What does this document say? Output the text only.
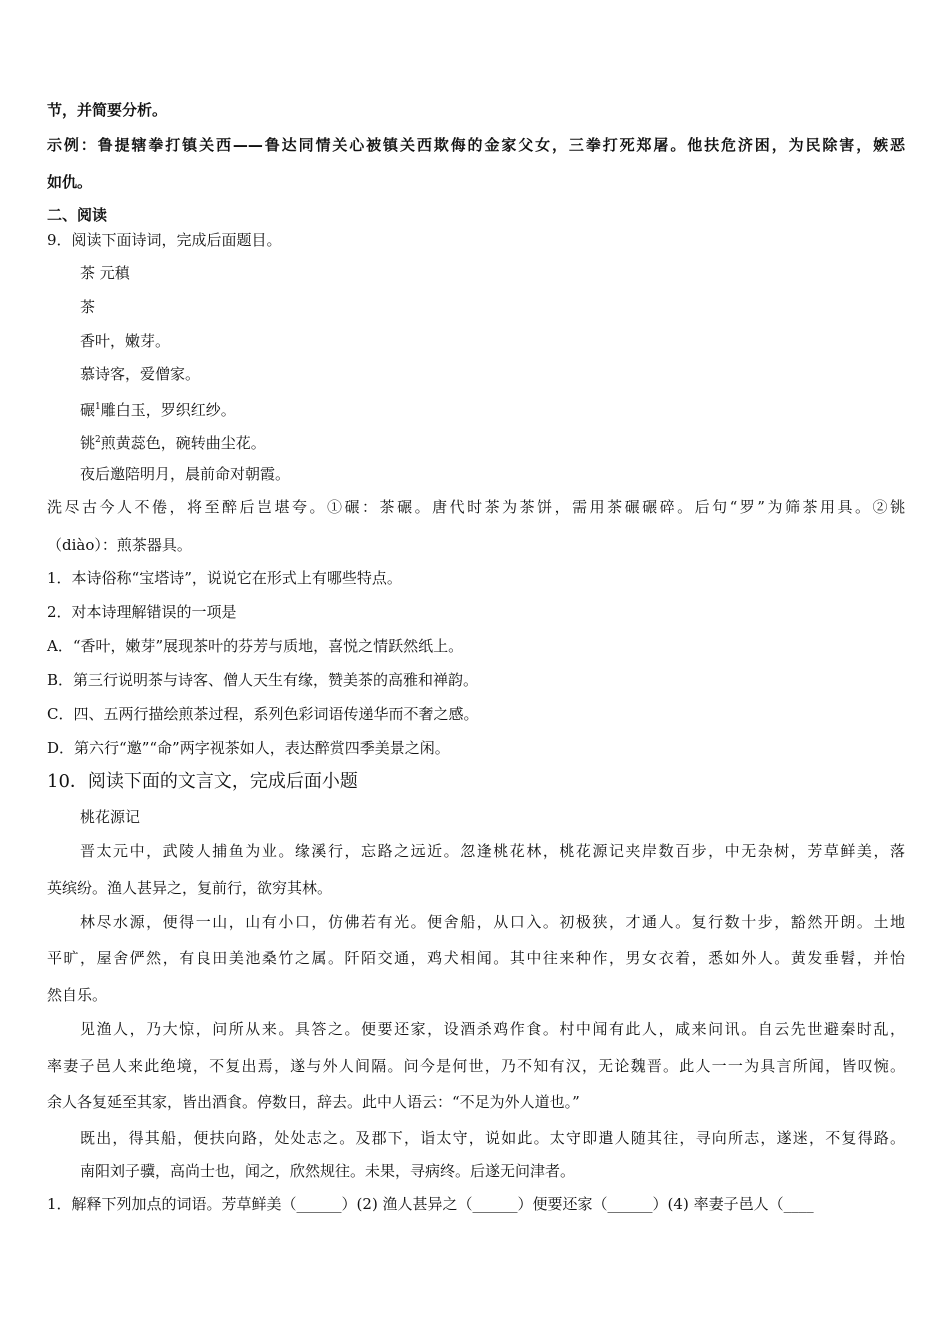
节，并简要分析。
示例：鲁提辖拳打镇关西——鲁达同情关心被镇关西欺侮的金家父女，三拳打死郑屠。他扶危济困，为民除害，嫉恶
如仇。
二、阅读
9．阅读下面诗词，完成后面题目。
茶 元稹
茶
香叶，嫩芽。
慕诗客，爱僧家。
碾$^1$雕白玉，罗织红纱。
铫$^2$煎黄蕊色，碗转曲尘花。
夜后邀陪明月，晨前命对朝霞。
洗尽古今人不倦，将至醉后岂堪夸。①碾：茶碾。唐代时茶为茶饼，需用茶碾碾碎。后句“罗”为筛茶用具。②铫
（diào）：煎茶器具。
1．本诗俗称“宝塔诗”，说说它在形式上有哪些特点。
2．对本诗理解错误的一项是
A．“香叶，嫩芽”展现茶叶的芬芳与质地，喜悦之情跃然纸上。
B．第三行说明茶与诗客、僧人天生有缘，赞美茶的高雅和禅韵。
C．四、五两行描绘煎茶过程，系列色彩词语传递华而不奢之感。
D．第六行“邀”“命”两字视茶如人，表达醉赏四季美景之闲。
10．阅读下面的文言文，完成后面小题
桃花源记
晋太元中，武陵人捕鱼为业。缘溪行，忘路之远近。忽逢桃花林，桃花源记夹岸数百步，中无杂树，芳草鲜美，落
英缤纷。渔人甚异之，复前行，欲穷其林。
林尽水源，便得一山，山有小口，仿佛若有光。便舍船，从口入。初极狭，才通人。复行数十步，豁然开朗。土地
平旷，屋舍俨然，有良田美池桑竹之属。阡陌交通，鸡犬相闻。其中往来种作，男女衣着，悉如外人。黄发垂髫，并怡
然自乐。
见渔人，乃大惊，问所从来。具答之。便要还家，设酒杀鸡作食。村中闻有此人，咸来问讯。自云先世避秦时乱，
率妻子邑人来此绝境，不复出焉，遂与外人间隔。问今是何世，乃不知有汉，无论魏晋。此人一一为具言所闻，皆叹惋。
余人各复延至其家，皆出酒食。停数日，辞去。此中人语云：“不足为外人道也。”
既出，得其船，便扶向路，处处志之。及郡下，诣太守，说如此。太守即遣人随其往，寻向所志，遂迷，不复得路。
南阳刘子骥，高尚士也，闻之，欣然规往。未果，寻病终。后遂无问津者。
1．解释下列加点的词语。芳草鲜美（______）(2) 渔人甚异之（______）便要还家（______）(4) 率妻子邑人（____
